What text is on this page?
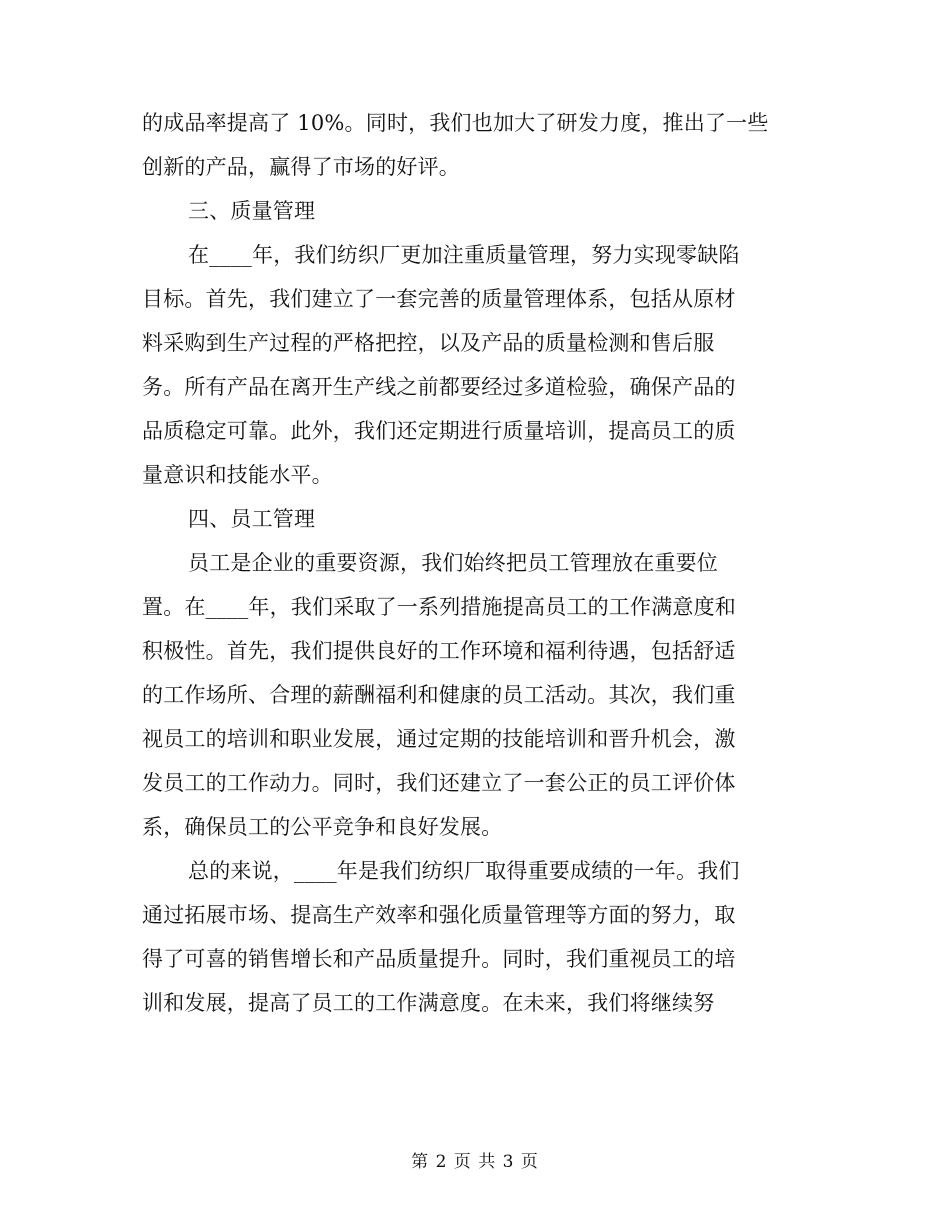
的成品率提高了 10%。同时，我们也加大了研发力度，推出了一些
创新的产品，赢得了市场的好评。
三、质量管理
在____年，我们纺织厂更加注重质量管理，努力实现零缺陷
目标。首先，我们建立了一套完善的质量管理体系，包括从原材
料采购到生产过程的严格把控，以及产品的质量检测和售后服
务。所有产品在离开生产线之前都要经过多道检验，确保产品的
品质稳定可靠。此外，我们还定期进行质量培训，提高员工的质
量意识和技能水平。
四、员工管理
员工是企业的重要资源，我们始终把员工管理放在重要位
置。在____年，我们采取了一系列措施提高员工的工作满意度和
积极性。首先，我们提供良好的工作环境和福利待遇，包括舒适
的工作场所、合理的薪酬福利和健康的员工活动。其次，我们重
视员工的培训和职业发展，通过定期的技能培训和晋升机会，激
发员工的工作动力。同时，我们还建立了一套公正的员工评价体
系，确保员工的公平竞争和良好发展。
总的来说，____年是我们纺织厂取得重要成绩的一年。我们
通过拓展市场、提高生产效率和强化质量管理等方面的努力，取
得了可喜的销售增长和产品质量提升。同时，我们重视员工的培
训和发展，提高了员工的工作满意度。在未来，我们将继续努
第 2 页 共 3 页
